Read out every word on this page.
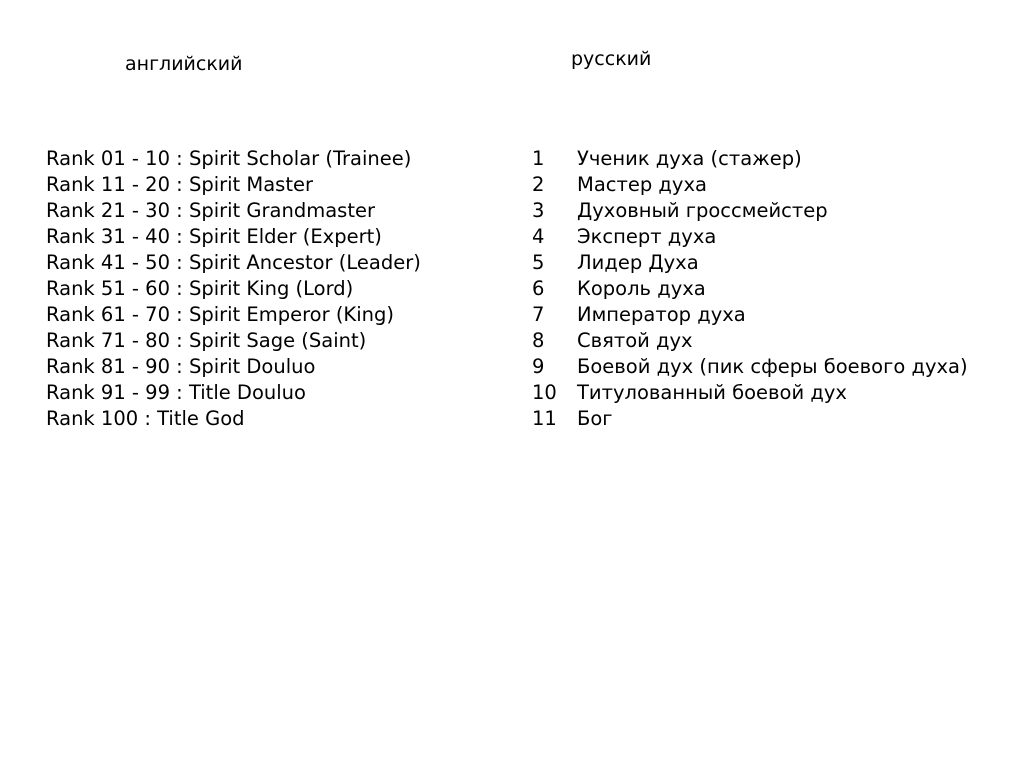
английский	русский
Rank 01 - 10 : Spirit Scholar (Trainee)
Rank 11 - 20 : Spirit Master
Rank 21 - 30 : Spirit Grandmaster
Rank 31 - 40 : Spirit Elder (Expert)
Rank 41 - 50 : Spirit Ancestor (Leader)
Rank 51 - 60 : Spirit King (Lord)
Rank 61 - 70 : Spirit Emperor (King)
Rank 71 - 80 : Spirit Sage (Saint)
Rank 81 - 90 : Spirit Douluo
Rank 91 - 99 : Title Douluo
Rank 100 : Title God
1 Ученик духа (стажер)
2 Мастер духа
3 Духовный гроссмейстер
4 Эксперт духа
5 Лидер Духа
6 Король духа
7 Император духа
8 Святой дух
9 Боевой дух (пик сферы боевого духа)
10 Титулованный боевой дух
11 Бог
